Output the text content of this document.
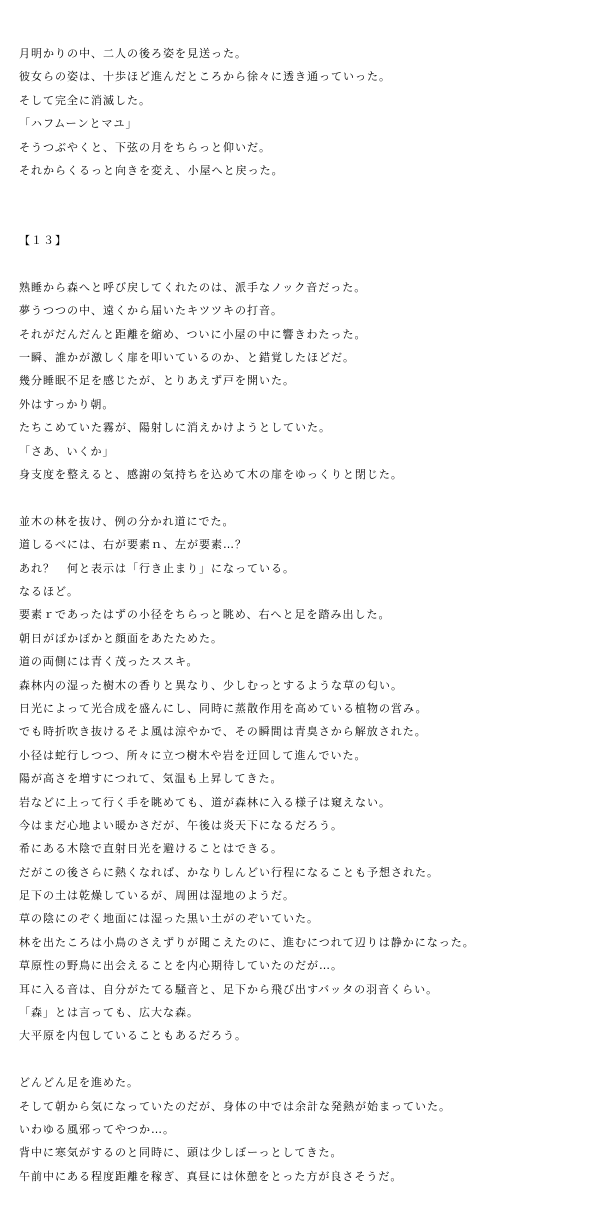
月明かりの中、二人の後ろ姿を見送った。
彼女らの姿は、十歩ほど進んだところから徐々に透き通っていった。
そして完全に消滅した。
「ハフムーンとマユ」
そうつぶやくと、下弦の月をちらっと仰いだ。
それからくるっと向きを変え、小屋へと戻った。
【１３】
熟睡から森へと呼び戻してくれたのは、派手なノック音だった。
夢うつつの中、遠くから届いたキツツキの打音。
それがだんだんと距離を縮め、ついに小屋の中に響きわたった。
一瞬、誰かが激しく扉を叩いているのか、と錯覚したほどだ。
幾分睡眠不足を感じたが、とりあえず戸を開いた。
外はすっかり朝。
たちこめていた霧が、陽射しに消えかけようとしていた。
「さあ、いくか」
身支度を整えると、感謝の気持ちを込めて木の扉をゆっくりと閉じた。
並木の林を抜け、例の分かれ道にでた。
道しるべには、右が要素ｎ、左が要素…？
あれ？　何と表示は「行き止まり」になっている。
なるほど。
要素ｒであったはずの小径をちらっと眺め、右へと足を踏み出した。
朝日がぽかぽかと顔面をあたためた。
道の両側には青く茂ったススキ。
森林内の湿った樹木の香りと異なり、少しむっとするような草の匂い。
日光によって光合成を盛んにし、同時に蒸散作用を高めている植物の営み。
でも時折吹き抜けるそよ風は涼やかで、その瞬間は青臭さから解放された。
小径は蛇行しつつ、所々に立つ樹木や岩を迂回して進んでいた。
陽が高さを増すにつれて、気温も上昇してきた。
岩などに上って行く手を眺めても、道が森林に入る様子は窺えない。
今はまだ心地よい暖かさだが、午後は炎天下になるだろう。
希にある木陰で直射日光を避けることはできる。
だがこの後さらに熱くなれば、かなりしんどい行程になることも予想された。
足下の土は乾燥しているが、周囲は湿地のようだ。
草の陰にのぞく地面には湿った黒い土がのぞいていた。
林を出たころは小鳥のさえずりが聞こえたのに、進むにつれて辺りは静かになった。
草原性の野鳥に出会えることを内心期待していたのだが…。
耳に入る音は、自分がたてる騒音と、足下から飛び出すバッタの羽音くらい。
「森」とは言っても、広大な森。
大平原を内包していることもあるだろう。
どんどん足を進めた。
そして朝から気になっていたのだが、身体の中では余計な発熱が始まっていた。
いわゆる風邪ってやつか…。
背中に寒気がするのと同時に、頭は少しぼーっとしてきた。
午前中にある程度距離を稼ぎ、真昼には休憩をとった方が良さそうだ。
